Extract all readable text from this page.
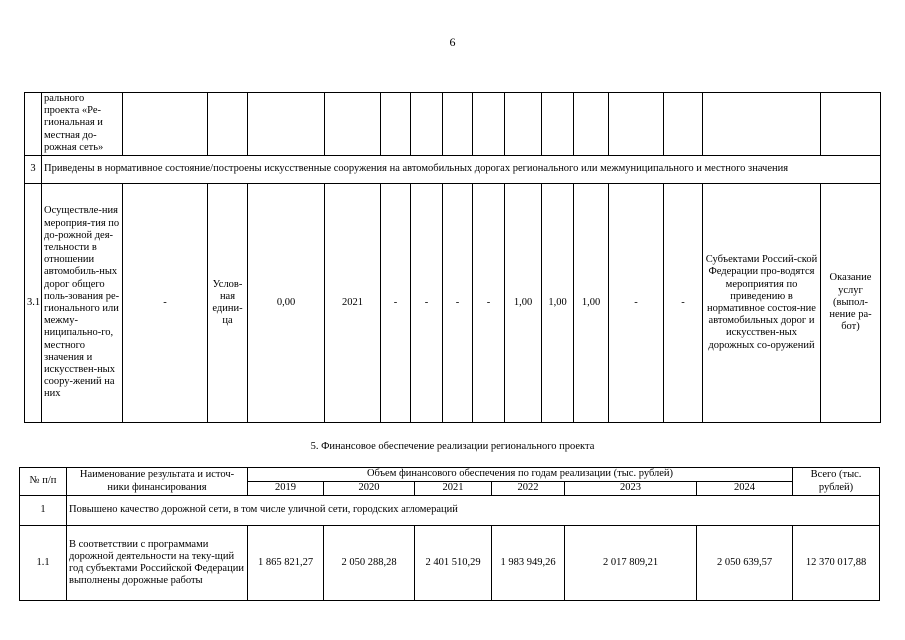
6
	рального проекта «Ре-гиональная и местная до-рожная сеть»															
3	Приведены в нормативное состояние/построены искусственные сооружения на автомобильных дорогах регионального или межмуниципального и местного значения															
3.1	Осуществле-ния мероприя-тия по до-рожной дея-тельности в отношении автомобиль-ных дорог общего поль-зования ре-гионального или межму-ниципально-го, местного значения и искусствен-ных соору-жений на них	-	Услов-ная едини-ца	0,00	2021	-	-	-	-	1,00	1,00	1,00	-	-	Субъектами Россий-ской Федерации про-водятся мероприятия по приведению в нормативное состоя-ние автомобильных дорог и искусствен-ных дорожных со-оружений	Оказание услуг (выпол-нение ра-бот)
5. Финансовое обеспечение реализации регионального проекта
№ п/п	Наименование результата и источ-ники финансирования	Объем финансового обеспечения по годам реализации (тыс. рублей)						Всего (тыс. рублей)
		2019	2020	2021	2022	2023	2024	
1	Повышено качество дорожной сети, в том числе уличной сети, городских агломераций							
1.1	В соответствии с программами дорожной деятельности на теку-щий год субъектами Российской Федерации выполнены дорожные работы	1 865 821,27	2 050 288,28	2 401 510,29	1 983 949,26	2 017 809,21	2 050 639,57	12 370 017,88
